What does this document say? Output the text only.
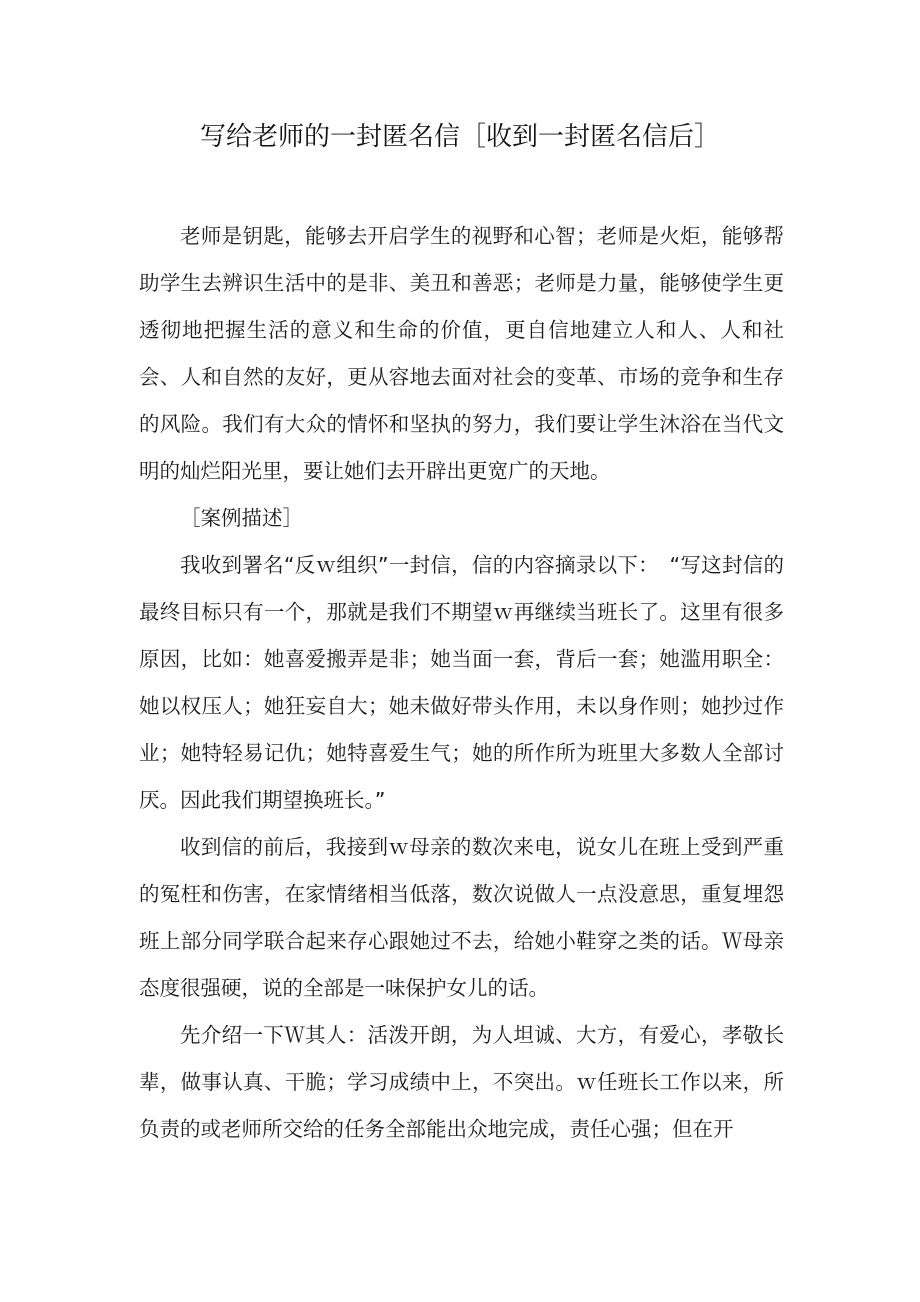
写给老师的一封匿名信［收到一封匿名信后］

老师是钥匙，能够去开启学生的视野和心智；老师是火炬，能够帮助学生去辨识生活中的是非、美丑和善恶；老师是力量，能够使学生更透彻地把握生活的意义和生命的价值，更自信地建立人和人、人和社会、人和自然的友好，更从容地去面对社会的变革、市场的竞争和生存的风险。我们有大众的情怀和坚执的努力，我们要让学生沐浴在当代文明的灿烂阳光里，要让她们去开辟出更宽广的天地。

［案例描述］

我收到署名“反ｗ组织”一封信，信的内容摘录以下：　“写这封信的最终目标只有一个，那就是我们不期望ｗ再继续当班长了。这里有很多原因，比如：她喜爱搬弄是非；她当面一套，背后一套；她滥用职全：她以权压人；她狂妄自大；她未做好带头作用，未以身作则；她抄过作业；她特轻易记仇；她特喜爱生气；她的所作所为班里大多数人全部讨厌。因此我们期望换班长。”

收到信的前后，我接到ｗ母亲的数次来电，说女儿在班上受到严重的冤枉和伤害，在家情绪相当低落，数次说做人一点没意思，重复埋怨班上部分同学联合起来存心跟她过不去，给她小鞋穿之类的话。Ｗ母亲态度很强硬，说的全部是一味保护女儿的话。

先介绍一下Ｗ其人：活泼开朗，为人坦诚、大方，有爱心，孝敬长辈，做事认真、干脆；学习成绩中上，不突出。ｗ任班长工作以来，所负责的或老师所交给的任务全部能出众地完成，责任心强；但在开
